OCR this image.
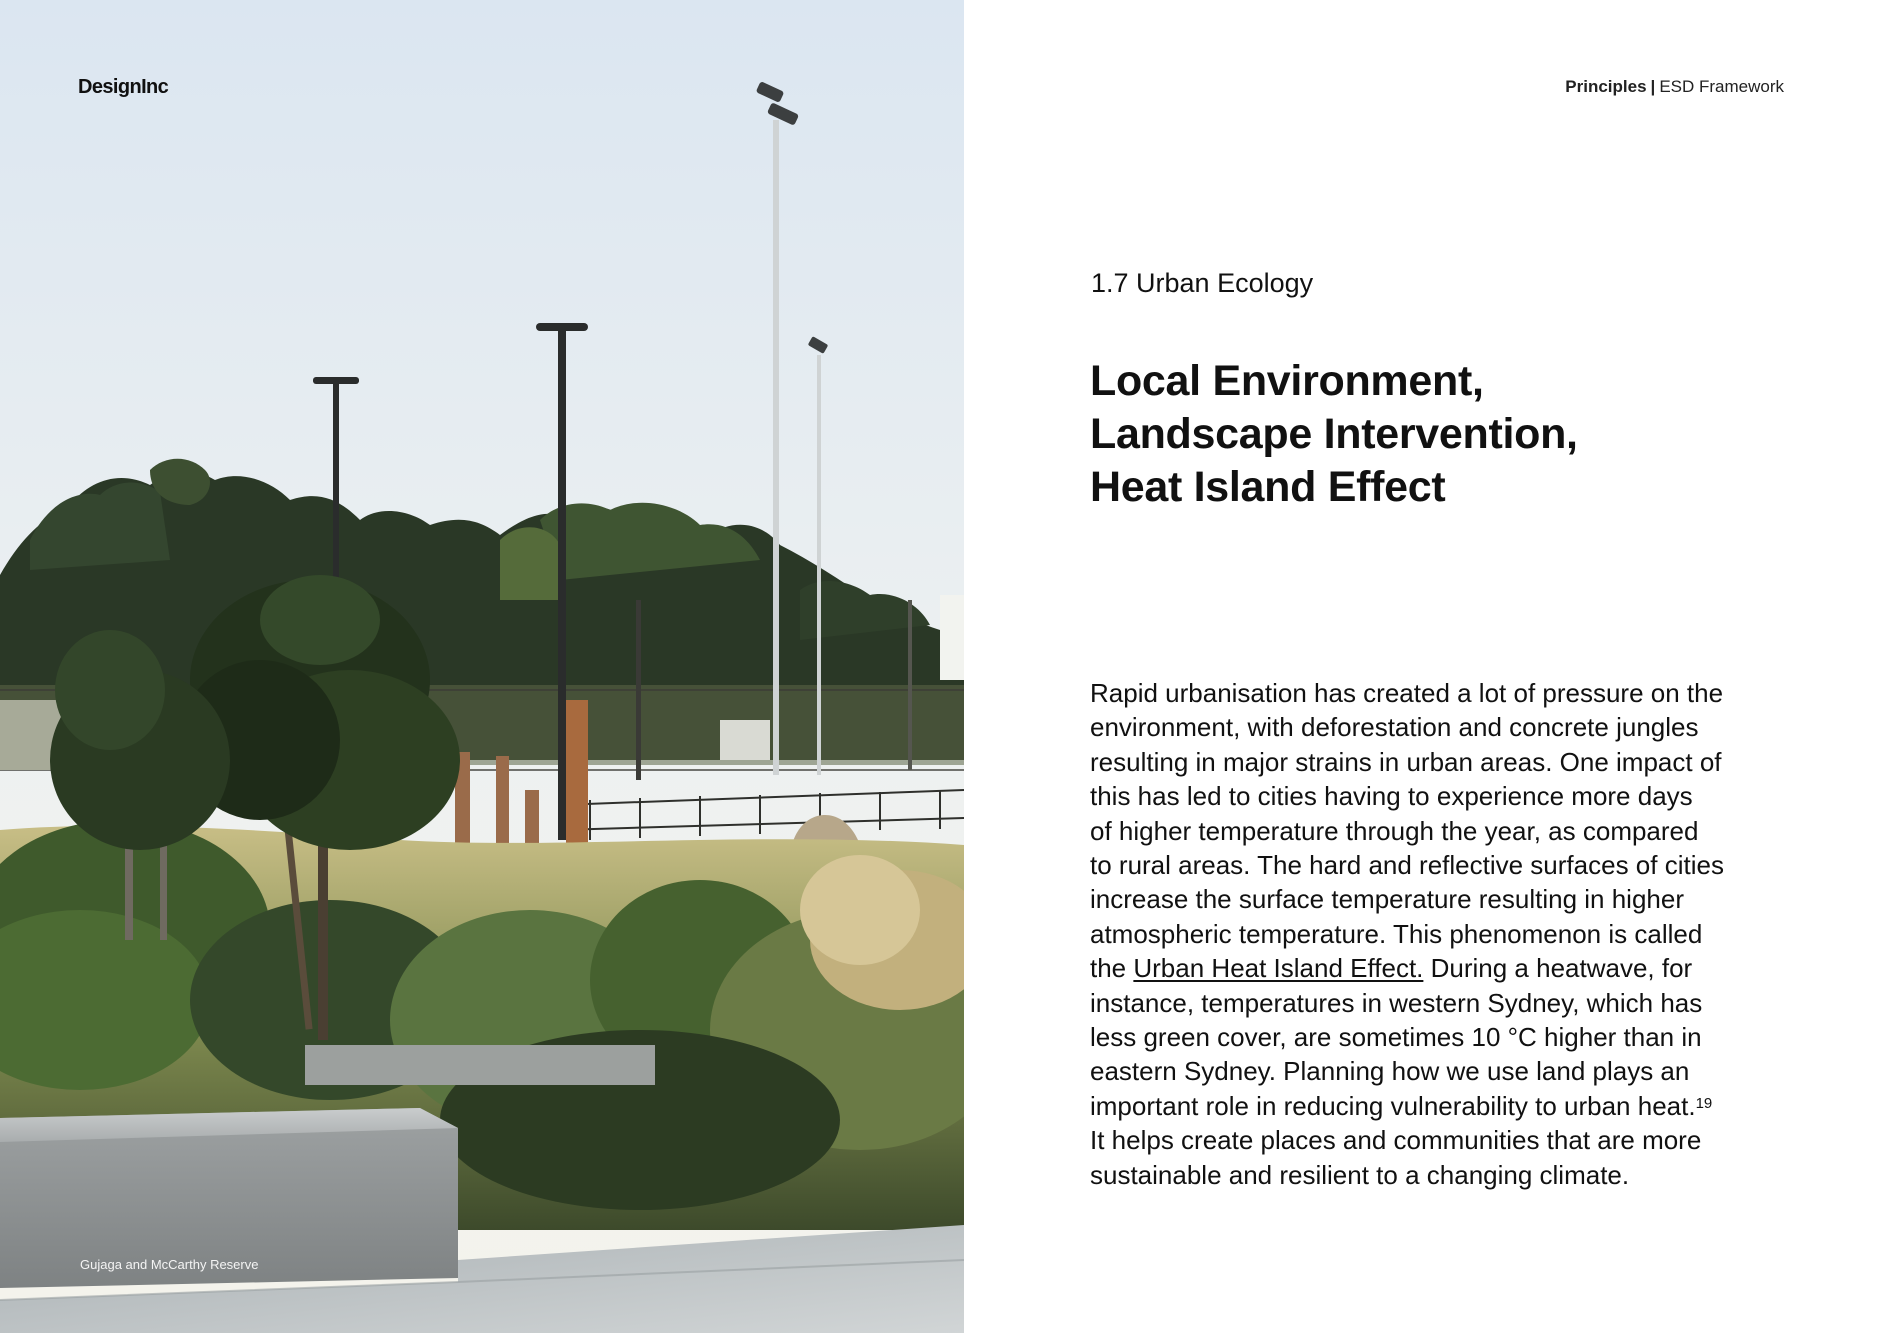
DesignInc
Gujaga and McCarthy Reserve
Principles | ESD Framework
1.7 Urban Ecology
Local Environment,
Landscape Intervention,
Heat Island Effect

Rapid urbanisation has created a lot of pressure on the
environment, with deforestation and concrete jungles
resulting in major strains in urban areas. One impact of
this has led to cities having to experience more days
of higher temperature through the year, as compared
to rural areas. The hard and reflective surfaces of cities
increase the surface temperature resulting in higher
atmospheric temperature. This phenomenon is called
the Urban Heat Island Effect. During a heatwave, for
instance, temperatures in western Sydney, which has
less green cover, are sometimes 10 °C higher than in
eastern Sydney. Planning how we use land plays an
important role in reducing vulnerability to urban heat.$^{19}$
It helps create places and communities that are more
sustainable and resilient to a changing climate.
